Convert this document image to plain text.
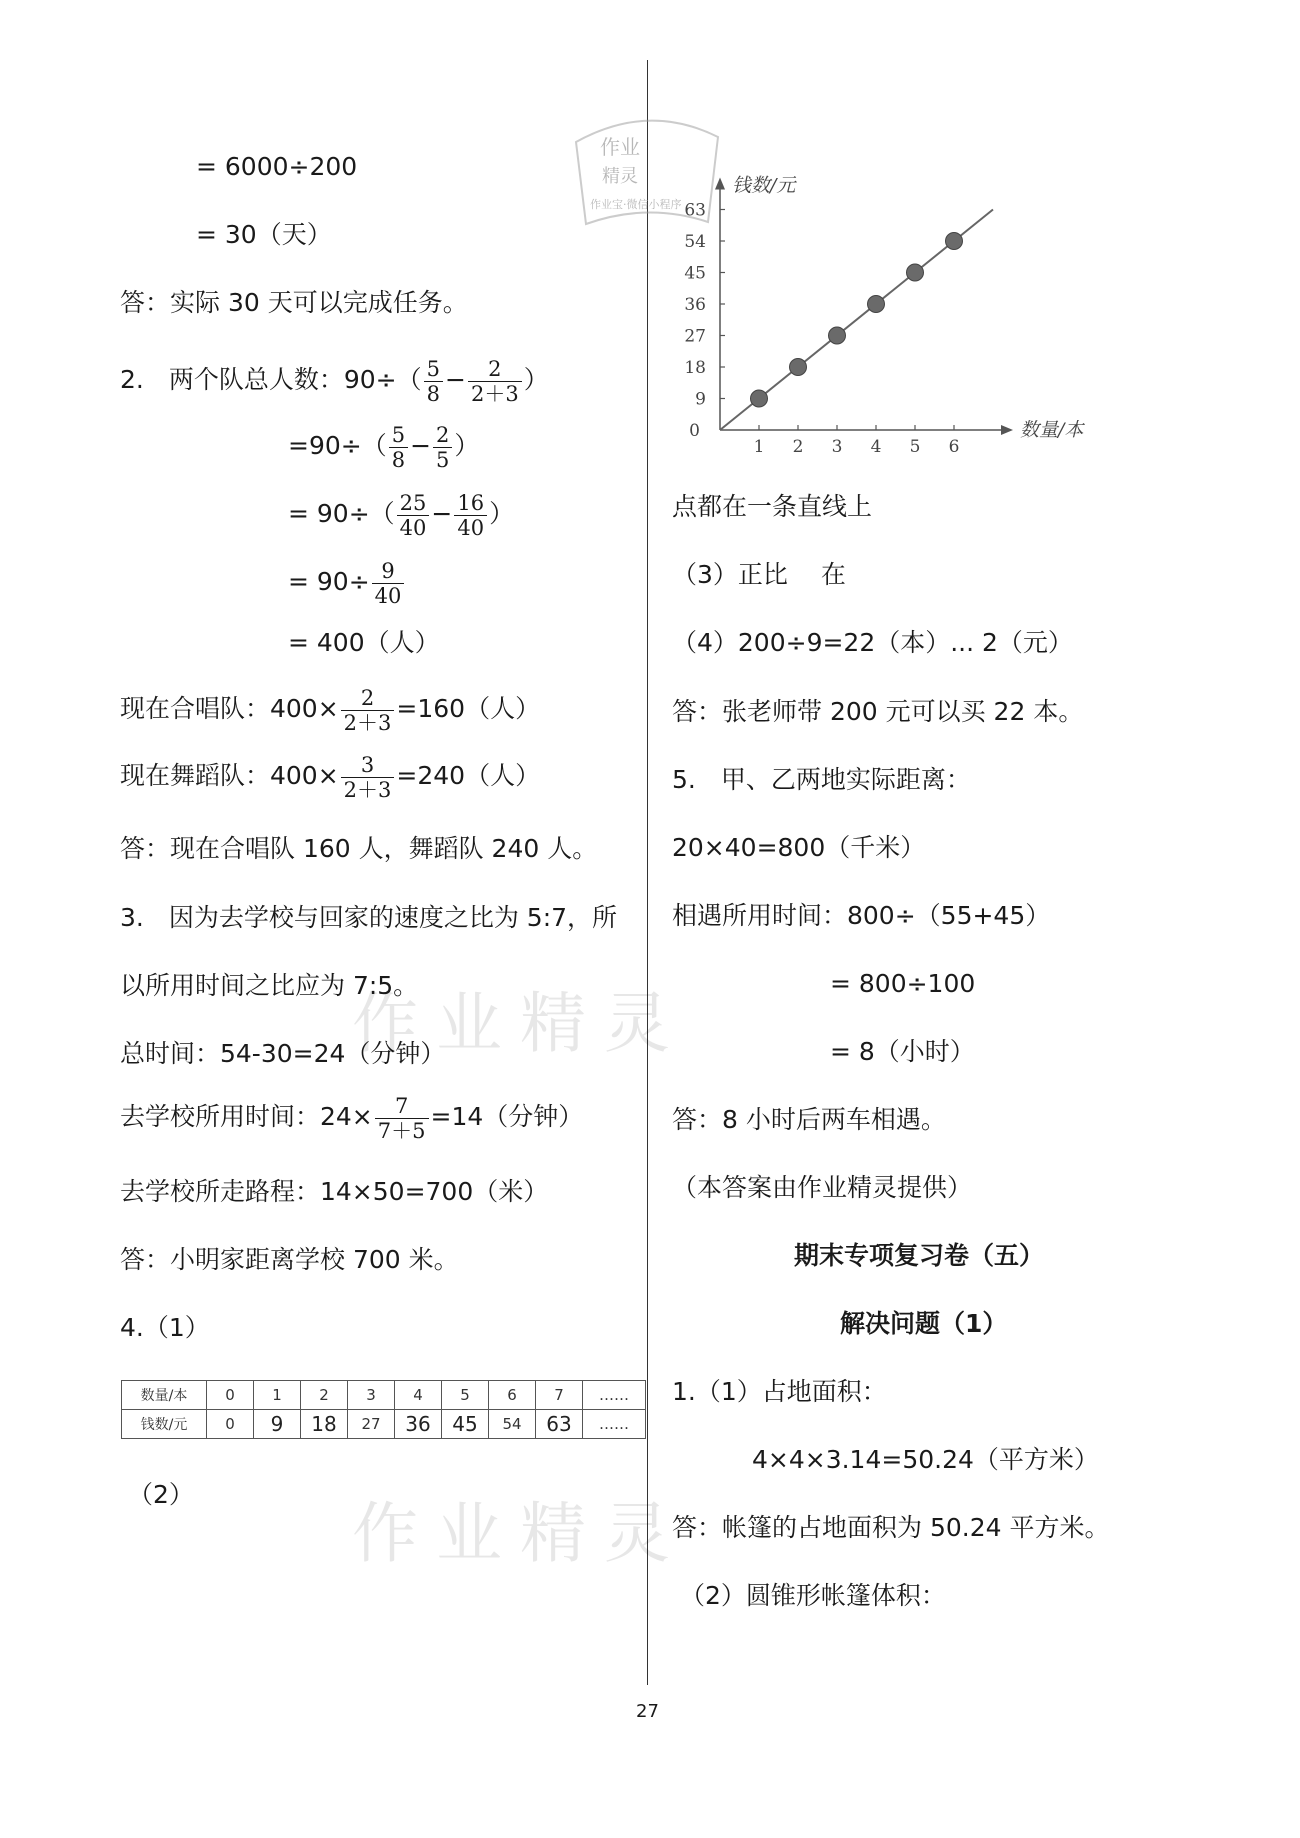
= 6000÷200
= 30（天）
答：实际 30 天可以完成任务。
2.　两个队总人数：$90\div( \frac{5}{8} - \frac{2}{2+3}$ ）
$=90\div( \frac{5}{8} - \frac{2}{5}$ ）
= $90\div( \frac{25}{40} - \frac{16}{40}$ ）
= $90\div \frac{9}{40}$
= 400（人）
现在合唱队：$400\times \frac{2}{2+3} =160$（人）
现在舞蹈队：$400\times \frac{3}{2+3} =240$（人）
答：现在合唱队 160 人，舞蹈队 240 人。
3.　因为去学校与回家的速度之比为 5:7，所
以所用时间之比应为 7:5。
总时间：54-30=24（分钟）
去学校所用时间：$24\times \frac{7}{7+5} =14$（分钟）
去学校所走路程：14×50=700（米）
答：小明家距离学校 700 米。
4.（1）
数量/本	0	1	2	3	4	5	6	7	……
钱数/元	0	9	18	27	36	45	54	63	……
（2）
1 2 3 4 5 6
9
18
27
36
45
54
63
0	数量/本
钱数/元
点都在一条直线上
（3）正比　 在
（4）200÷9=22（本）... 2（元）
答：张老师带 200 元可以买 22 本。
5.　甲、乙两地实际距离：
20×40=800（千米）
相遇所用时间：800÷（55+45）
= 800÷100
= 8（小时）
答：8 小时后两车相遇。
（本答案由作业精灵提供）
期末专项复习卷（五）
解决问题（1）
1.（1）占地面积：
4×4×3.14=50.24（平方米）
答：帐篷的占地面积为 50.24 平方米。
（2）圆锥形帐篷体积：
作业
精灵
作业宝·微信小程序
作业精灵
作业精灵
27
